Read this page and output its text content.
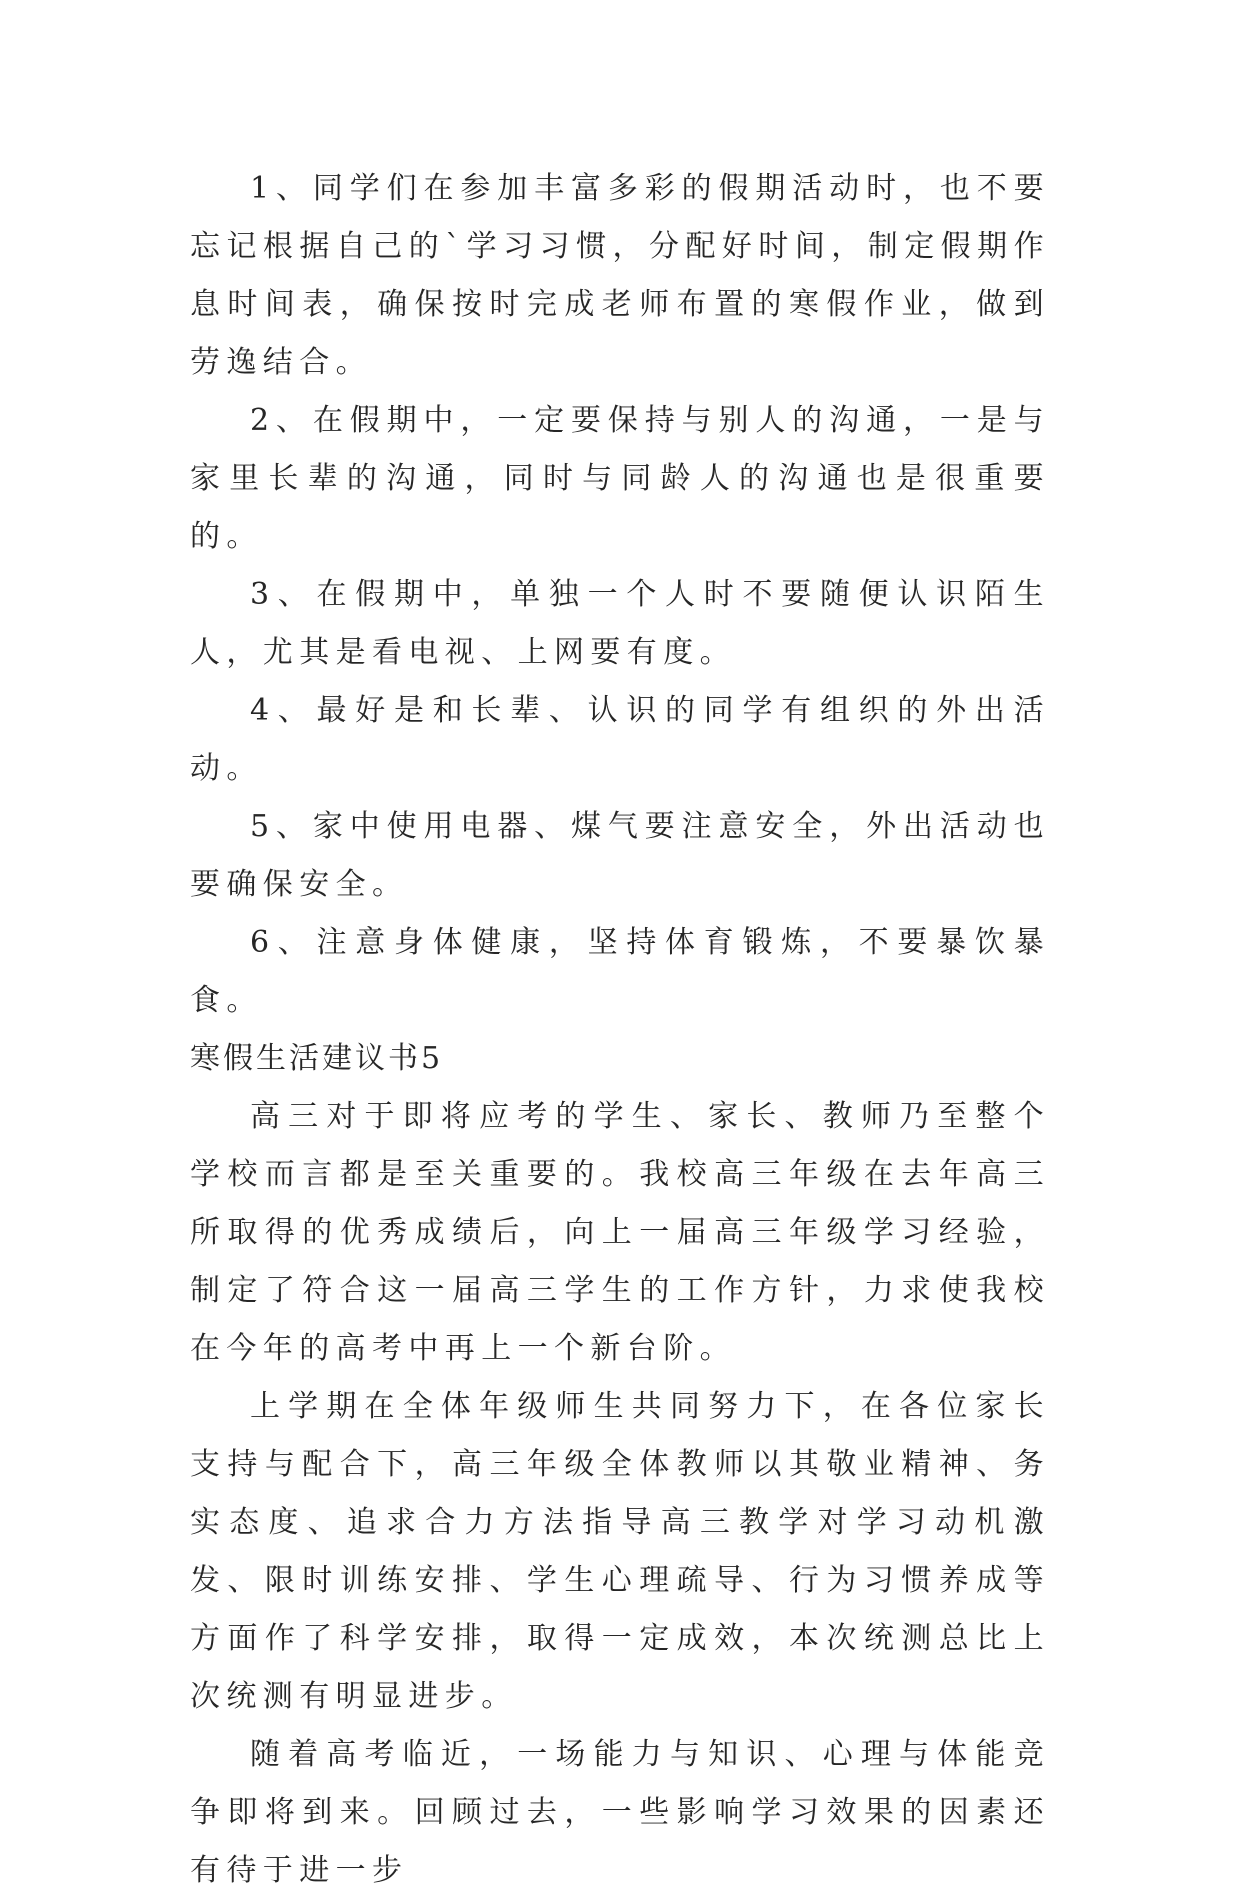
1、同学们在参加丰富多彩的假期活动时，也不要忘记根据自己的`学习习惯，分配好时间，制定假期作息时间表，确保按时完成老师布置的寒假作业，做到劳逸结合。

2、在假期中，一定要保持与别人的沟通，一是与家里长辈的沟通，同时与同龄人的沟通也是很重要的。

3、在假期中，单独一个人时不要随便认识陌生人，尤其是看电视、上网要有度。

4、最好是和长辈、认识的同学有组织的外出活动。

5、家中使用电器、煤气要注意安全，外出活动也要确保安全。

6、注意身体健康，坚持体育锻炼，不要暴饮暴食。

寒假生活建议书5

高三对于即将应考的学生、家长、教师乃至整个学校而言都是至关重要的。我校高三年级在去年高三所取得的优秀成绩后，向上一届高三年级学习经验，制定了符合这一届高三学生的工作方针，力求使我校在今年的高考中再上一个新台阶。

上学期在全体年级师生共同努力下，在各位家长支持与配合下，高三年级全体教师以其敬业精神、务实态度、追求合力方法指导高三教学对学习动机激发、限时训练安排、学生心理疏导、行为习惯养成等方面作了科学安排，取得一定成效，本次统测总比上次统测有明显进步。

随着高考临近，一场能力与知识、心理与体能竞争即将到来。回顾过去，一些影响学习效果的因素还有待于进一步
